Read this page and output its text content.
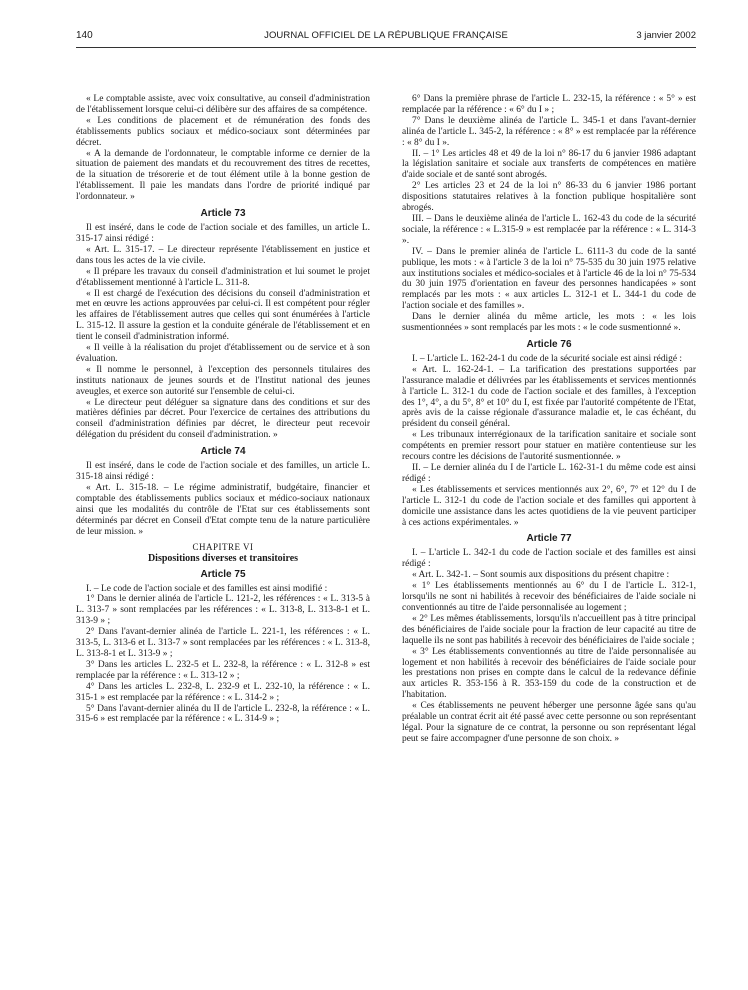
140	JOURNAL OFFICIEL DE LA RÉPUBLIQUE FRANÇAISE	3 janvier 2002

« Le comptable assiste, avec voix consultative, au conseil d'administration de l'établissement lorsque celui-ci délibère sur des affaires de sa compétence.

« Les conditions de placement et de rémunération des fonds des établissements publics sociaux et médico-sociaux sont déterminées par décret.

« A la demande de l'ordonnateur, le comptable informe ce dernier de la situation de paiement des mandats et du recouvrement des titres de recettes, de la situation de trésorerie et de tout élément utile à la bonne gestion de l'établissement. Il paie les mandats dans l'ordre de priorité indiqué par l'ordonnateur. »

Article 73

Il est inséré, dans le code de l'action sociale et des familles, un article L. 315-17 ainsi rédigé :

« Art. L. 315-17. – Le directeur représente l'établissement en justice et dans tous les actes de la vie civile.

« Il prépare les travaux du conseil d'administration et lui soumet le projet d'établissement mentionné à l'article L. 311-8.

« Il est chargé de l'exécution des décisions du conseil d'administration et met en œuvre les actions approuvées par celui-ci. Il est compétent pour régler les affaires de l'établissement autres que celles qui sont énumérées à l'article L. 315-12. Il assure la gestion et la conduite générale de l'établissement et en tient le conseil d'administration informé.

« Il veille à la réalisation du projet d'établissement ou de service et à son évaluation.

« Il nomme le personnel, à l'exception des personnels titulaires des instituts nationaux de jeunes sourds et de l'Institut national des jeunes aveugles, et exerce son autorité sur l'ensemble de celui-ci.

« Le directeur peut déléguer sa signature dans des conditions et sur des matières définies par décret. Pour l'exercice de certaines des attributions du conseil d'administration définies par décret, le directeur peut recevoir délégation du président du conseil d'administration. »

Article 74

Il est inséré, dans le code de l'action sociale et des familles, un article L. 315-18 ainsi rédigé :

« Art. L. 315-18. – Le régime administratif, budgétaire, financier et comptable des établissements publics sociaux et médico-sociaux nationaux ainsi que les modalités du contrôle de l'Etat sur ces établissements sont déterminés par décret en Conseil d'Etat compte tenu de la nature particulière de leur mission. »

CHAPITRE VI
Dispositions diverses et transitoires
Article 75

I. – Le code de l'action sociale et des familles est ainsi modifié :

1° Dans le dernier alinéa de l'article L. 121-2, les références : « L. 313-5 à L. 313-7 » sont remplacées par les références : « L. 313-8, L. 313-8-1 et L. 313-9 » ;

2° Dans l'avant-dernier alinéa de l'article L. 221-1, les références : « L. 313-5, L. 313-6 et L. 313-7 » sont remplacées par les références : « L. 313-8, L. 313-8-1 et L. 313-9 » ;

3° Dans les articles L. 232-5 et L. 232-8, la référence : « L. 312-8 » est remplacée par la référence : « L. 313-12 » ;

4° Dans les articles L. 232-8, L. 232-9 et L. 232-10, la référence : « L. 315-1 » est remplacée par la référence : « L. 314-2 » ;

5° Dans l'avant-dernier alinéa du II de l'article L. 232-8, la référence : « L. 315-6 » est remplacée par la référence : « L. 314-9 » ;

6° Dans la première phrase de l'article L. 232-15, la référence : « 5° » est remplacée par la référence : « 6° du I » ;

7° Dans le deuxième alinéa de l'article L. 345-1 et dans l'avant-dernier alinéa de l'article L. 345-2, la référence : « 8° » est remplacée par la référence : « 8° du I ».

II. – 1° Les articles 48 et 49 de la loi n° 86-17 du 6 janvier 1986 adaptant la législation sanitaire et sociale aux transferts de compétences en matière d'aide sociale et de santé sont abrogés.

2° Les articles 23 et 24 de la loi n° 86-33 du 6 janvier 1986 portant dispositions statutaires relatives à la fonction publique hospitalière sont abrogés.

III. – Dans le deuxième alinéa de l'article L. 162-43 du code de la sécurité sociale, la référence : « L.315-9 » est remplacée par la référence : « L. 314-3 ».

IV. – Dans le premier alinéa de l'article L. 6111-3 du code de la santé publique, les mots : « à l'article 3 de la loi n° 75-535 du 30 juin 1975 relative aux institutions sociales et médico-sociales et à l'article 46 de la loi n° 75-534 du 30 juin 1975 d'orientation en faveur des personnes handicapées » sont remplacés par les mots : « aux articles L. 312-1 et L. 344-1 du code de l'action sociale et des familles ».

Dans le dernier alinéa du même article, les mots : « les lois susmentionnées » sont remplacés par les mots : « le code susmentionné ».

Article 76

I. – L'article L. 162-24-1 du code de la sécurité sociale est ainsi rédigé :

« Art. L. 162-24-1. – La tarification des prestations supportées par l'assurance maladie et délivrées par les établissements et services mentionnés à l'article L. 312-1 du code de l'action sociale et des familles, à l'exception des 1°, 4°, a du 5°, 8° et 10° du I, est fixée par l'autorité compétente de l'Etat, après avis de la caisse régionale d'assurance maladie et, le cas échéant, du président du conseil général.

« Les tribunaux interrégionaux de la tarification sanitaire et sociale sont compétents en premier ressort pour statuer en matière contentieuse sur les recours contre les décisions de l'autorité susmentionnée. »

II. – Le dernier alinéa du I de l'article L. 162-31-1 du même code est ainsi rédigé :

« Les établissements et services mentionnés aux 2°, 6°, 7° et 12° du I de l'article L. 312-1 du code de l'action sociale et des familles qui apportent à domicile une assistance dans les actes quotidiens de la vie peuvent participer à ces actions expérimentales. »

Article 77

I. – L'article L. 342-1 du code de l'action sociale et des familles est ainsi rédigé :

« Art. L. 342-1. – Sont soumis aux dispositions du présent chapitre :

« 1° Les établissements mentionnés au 6° du I de l'article L. 312-1, lorsqu'ils ne sont ni habilités à recevoir des bénéficiaires de l'aide sociale ni conventionnés au titre de l'aide personnalisée au logement ;

« 2° Les mêmes établissements, lorsqu'ils n'accueillent pas à titre principal des bénéficiaires de l'aide sociale pour la fraction de leur capacité au titre de laquelle ils ne sont pas habilités à recevoir des bénéficiaires de l'aide sociale ;

« 3° Les établissements conventionnés au titre de l'aide personnalisée au logement et non habilités à recevoir des bénéficiaires de l'aide sociale pour les prestations non prises en compte dans le calcul de la redevance définie aux articles R. 353-156 à R. 353-159 du code de la construction et de l'habitation.

« Ces établissements ne peuvent héberger une personne âgée sans qu'au préalable un contrat écrit ait été passé avec cette personne ou son représentant légal. Pour la signature de ce contrat, la personne ou son représentant légal peut se faire accompagner d'une personne de son choix. »
